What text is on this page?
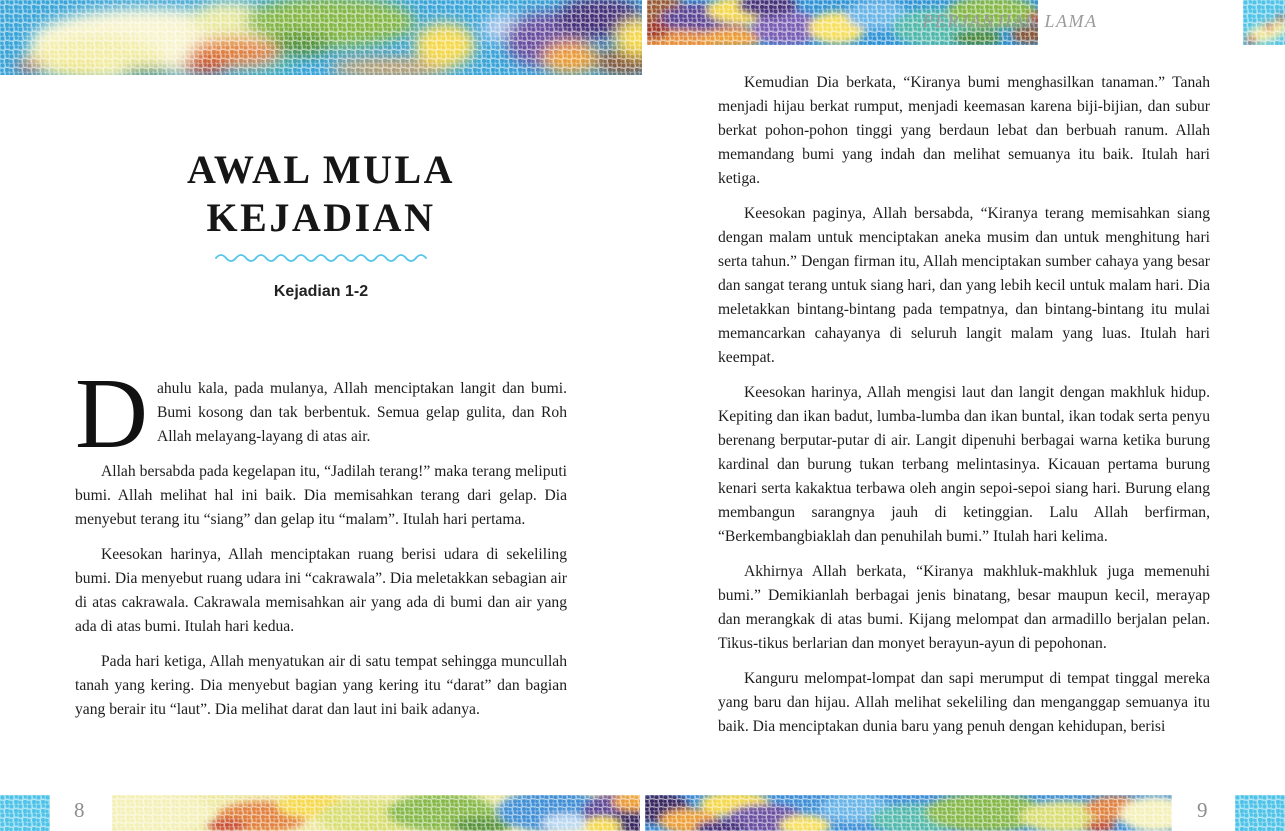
PERJANJIAN LAMA
AWAL MULA
KEJADIAN
Kejadian 1-2

Dahulu kala, pada mulanya, Allah menciptakan langit dan bumi. Bumi kosong dan tak berbentuk. Semua gelap gulita, dan Roh Allah melayang-layang di atas air.

Allah bersabda pada kegelapan itu, “Jadilah terang!” maka terang meliputi bumi. Allah melihat hal ini baik. Dia memisahkan terang dari gelap. Dia menyebut terang itu “siang” dan gelap itu “malam”. Itulah hari pertama.

Keesokan harinya, Allah menciptakan ruang berisi udara di sekeliling bumi. Dia menyebut ruang udara ini “cakrawala”. Dia meletakkan sebagian air di atas cakrawala. Cakrawala memisahkan air yang ada di bumi dan air yang ada di atas bumi. Itulah hari kedua.

Pada hari ketiga, Allah menyatukan air di satu tempat sehingga muncullah tanah yang kering. Dia menyebut bagian yang kering itu “darat” dan bagian yang berair itu “laut”. Dia melihat darat dan laut ini baik adanya.

Kemudian Dia berkata, “Kiranya bumi menghasilkan tanaman.” Tanah menjadi hijau berkat rumput, menjadi keemasan karena biji-bijian, dan subur berkat pohon-pohon tinggi yang berdaun lebat dan berbuah ranum. Allah memandang bumi yang indah dan melihat semuanya itu baik. Itulah hari ketiga.

Keesokan paginya, Allah bersabda, “Kiranya terang memisahkan siang dengan malam untuk menciptakan aneka musim dan untuk menghitung hari serta tahun.” Dengan firman itu, Allah menciptakan sumber cahaya yang besar dan sangat terang untuk siang hari, dan yang lebih kecil untuk malam hari. Dia meletakkan bintang-bintang pada tempatnya, dan bintang-bintang itu mulai memancarkan cahayanya di seluruh langit malam yang luas. Itulah hari keempat.

Keesokan harinya, Allah mengisi laut dan langit dengan makhluk hidup. Kepiting dan ikan badut, lumba-lumba dan ikan buntal, ikan todak serta penyu berenang berputar-putar di air. Langit dipenuhi berbagai warna ketika burung kardinal dan burung tukan terbang melintasinya. Kicauan pertama burung kenari serta kakaktua terbawa oleh angin sepoi-sepoi siang hari. Burung elang membangun sarangnya jauh di ketinggian. Lalu Allah berfirman, “Berkembangbiaklah dan penuhilah bumi.” Itulah hari kelima.

Akhirnya Allah berkata, “Kiranya makhluk-makhluk juga memenuhi bumi.” Demikianlah berbagai jenis binatang, besar maupun kecil, merayap dan merangkak di atas bumi. Kijang melompat dan armadillo berjalan pelan. Tikus-tikus berlarian dan monyet berayun-ayun di pepohonan.

Kanguru melompat-lompat dan sapi merumput di tempat tinggal mereka yang baru dan hijau. Allah melihat sekeliling dan menganggap semuanya itu baik. Dia menciptakan dunia baru yang penuh dengan kehidupan, berisi

8	9
